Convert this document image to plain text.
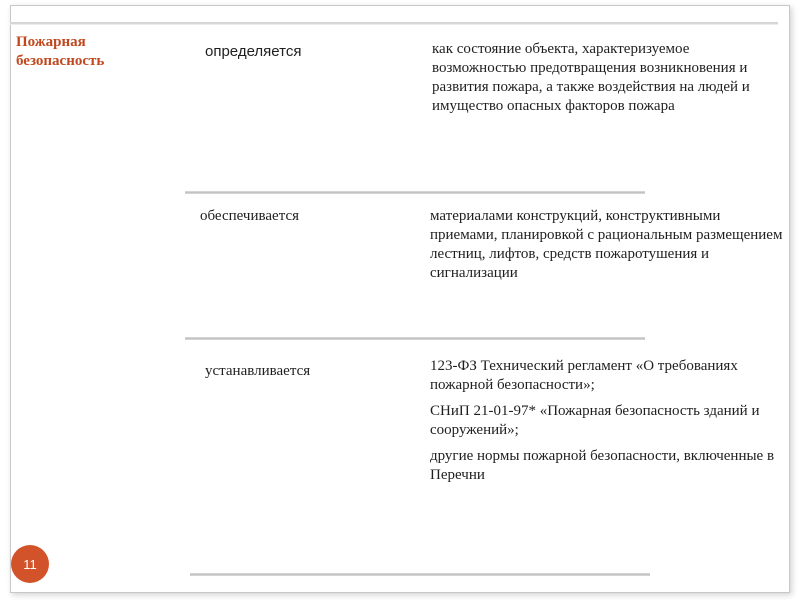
Пожарная безопасность
определяется	как состояние объекта, характеризуемое возможностью предотвращения возникновения и развития пожара, а также воздействия на людей и имущество опасных факторов пожара
обеспечивается	материалами конструкций, конструктивными приемами, планировкой с рациональным размещением лестниц, лифтов, средств пожаротушения и сигнализации
устанавливается	123-ФЗ Технический регламент «О требованиях пожарной безопасности»;

СНиП 21-01-97* «Пожарная безопасность зданий и сооружений»;

другие нормы пожарной безопасности, включенные в Перечни

11
